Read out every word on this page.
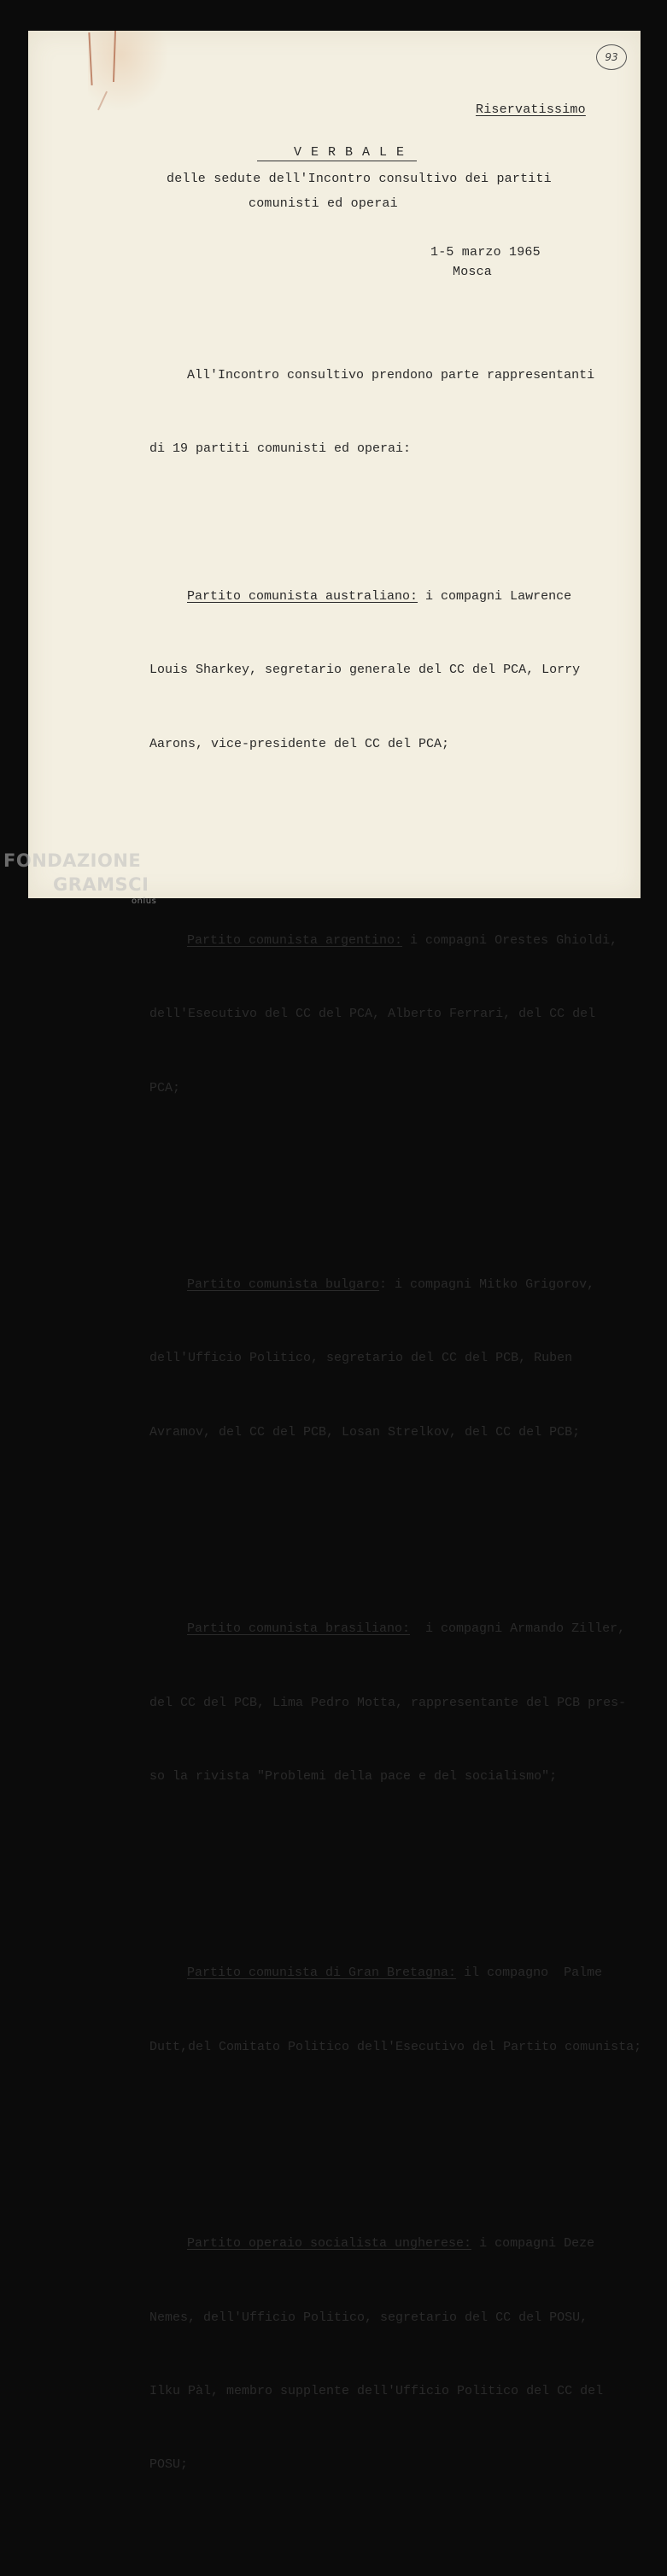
93
Riservatissimo
V E R B A L E
delle sedute dell'Incontro consultivo dei partiti
comunisti ed operai
1-5 marzo 1965
Mosca

All'Incontro consultivo prendono parte rappresentanti

di 19 partiti comunisti ed operai:

Partito comunista australiano: i compagni Lawrence

Louis Sharkey, segretario generale del CC del PCA, Lorry

Aarons, vice-presidente del CC del PCA;

Partito comunista argentino: i compagni Orestes Ghioldi,

dell'Esecutivo del CC del PCA, Alberto Ferrari, del CC del

PCA;

Partito comunista bulgaro: i compagni Mitko Grigorov,

dell'Ufficio Politico, segretario del CC del PCB, Ruben

Avramov, del CC del PCB, Losan Strelkov, del CC del PCB;

Partito comunista brasiliano:  i compagni Armando Ziller,

del CC del PCB, Lima Pedro Motta, rappresentante del PCB pres-

so la rivista "Problemi della pace e del socialismo";

Partito comunista di Gran Bretagna: il compagno  Palme

Dutt,del Comitato Politico dell'Esecutivo del Partito comunista;

Partito operaio socialista ungherese: i compagni Deze

Nemes, dell'Ufficio Politico, segretario del CC del POSU,

Ilku Pàl, membro supplente dell'Ufficio Politico del CC del

POSU;

FONDAZIONE
GRAMSCI
onlus
